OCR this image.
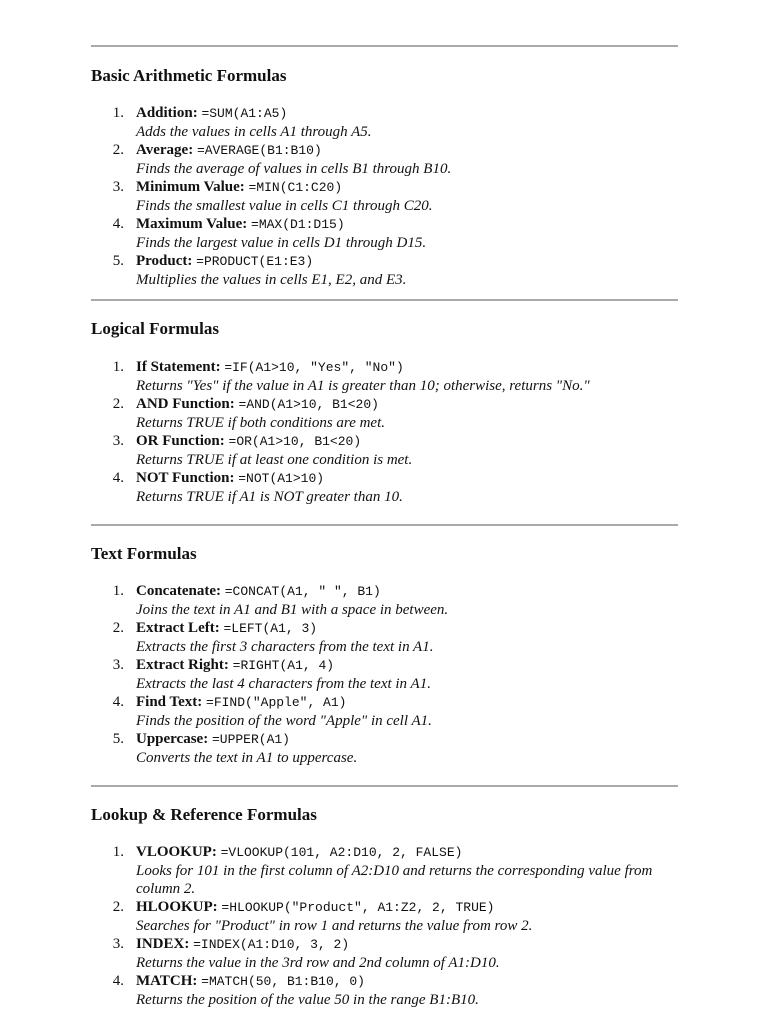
Basic Arithmetic Formulas
1. Addition: =SUM(A1:A5)
Adds the values in cells A1 through A5.
2. Average: =AVERAGE(B1:B10)
Finds the average of values in cells B1 through B10.
3. Minimum Value: =MIN(C1:C20)
Finds the smallest value in cells C1 through C20.
4. Maximum Value: =MAX(D1:D15)
Finds the largest value in cells D1 through D15.
5. Product: =PRODUCT(E1:E3)
Multiplies the values in cells E1, E2, and E3.
Logical Formulas
1. If Statement: =IF(A1>10, "Yes", "No")
Returns "Yes" if the value in A1 is greater than 10; otherwise, returns "No."
2. AND Function: =AND(A1>10, B1<20)
Returns TRUE if both conditions are met.
3. OR Function: =OR(A1>10, B1<20)
Returns TRUE if at least one condition is met.
4. NOT Function: =NOT(A1>10)
Returns TRUE if A1 is NOT greater than 10.
Text Formulas
1. Concatenate: =CONCAT(A1, " ", B1)
Joins the text in A1 and B1 with a space in between.
2. Extract Left: =LEFT(A1, 3)
Extracts the first 3 characters from the text in A1.
3. Extract Right: =RIGHT(A1, 4)
Extracts the last 4 characters from the text in A1.
4. Find Text: =FIND("Apple", A1)
Finds the position of the word "Apple" in cell A1.
5. Uppercase: =UPPER(A1)
Converts the text in A1 to uppercase.
Lookup & Reference Formulas
1. VLOOKUP: =VLOOKUP(101, A2:D10, 2, FALSE)
Looks for 101 in the first column of A2:D10 and returns the corresponding value from column 2.
2. HLOOKUP: =HLOOKUP("Product", A1:Z2, 2, TRUE)
Searches for "Product" in row 1 and returns the value from row 2.
3. INDEX: =INDEX(A1:D10, 3, 2)
Returns the value in the 3rd row and 2nd column of A1:D10.
4. MATCH: =MATCH(50, B1:B10, 0)
Returns the position of the value 50 in the range B1:B10.
